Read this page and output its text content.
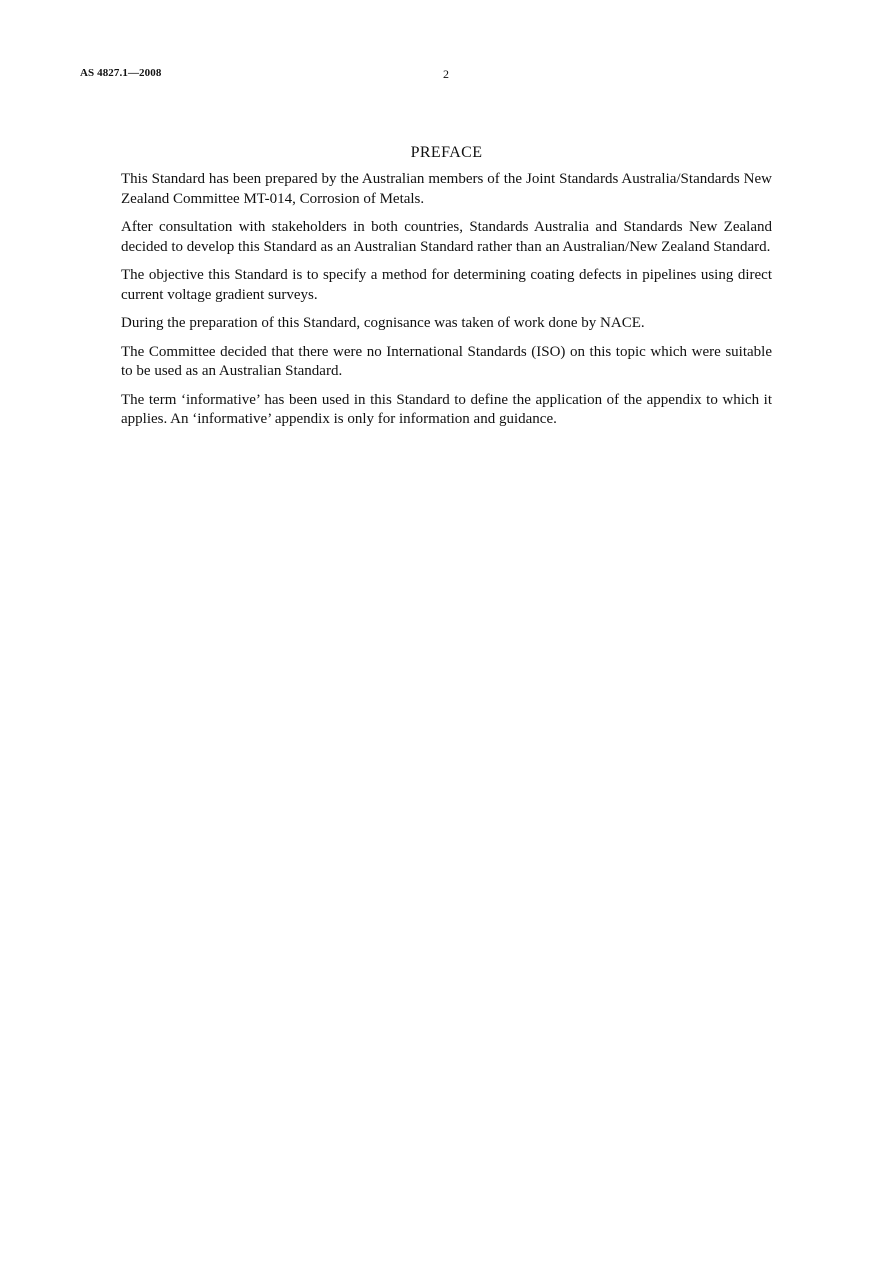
AS 4827.1—2008	2
PREFACE

This Standard has been prepared by the Australian members of the Joint Standards Australia/Standards New Zealand Committee MT-014, Corrosion of Metals.

After consultation with stakeholders in both countries, Standards Australia and Standards New Zealand decided to develop this Standard as an Australian Standard rather than an Australian/New Zealand Standard.

The objective this Standard is to specify a method for determining coating defects in pipelines using direct current voltage gradient surveys.

During the preparation of this Standard, cognisance was taken of work done by NACE.

The Committee decided that there were no International Standards (ISO) on this topic which were suitable to be used as an Australian Standard.

The term ‘informative’ has been used in this Standard to define the application of the appendix to which it applies. An ‘informative’ appendix is only for information and guidance.
